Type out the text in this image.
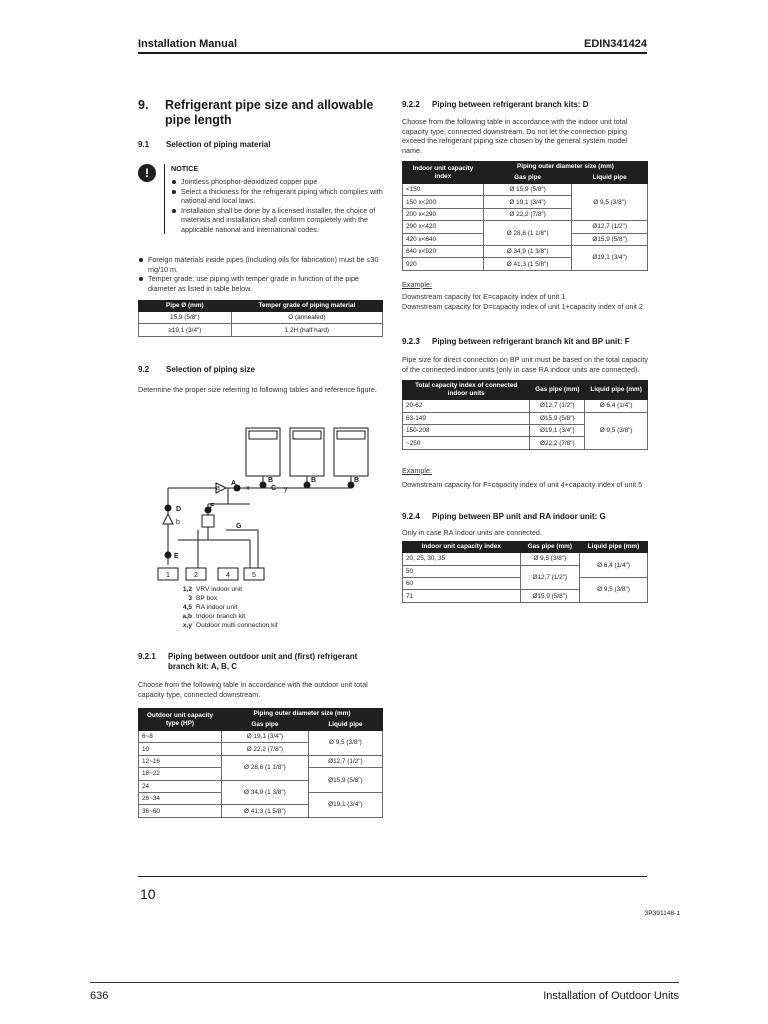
Installation Manual	EDIN341424
9.	Refrigerant pipe size and allowable pipe length
9.1	Selection of piping material
!	NOTICE
Jointless phosphor-deoxidized copper pipe
Select a thickness for the refrigerant piping which complies with national and local laws.
Installation shall be done by a licensed installer, the choice of materials and installation shall conform completely with the applicable national and international codes.
Foreign materials inside pipes (including oils for fabrication) must be ≤30 mg/10 m.
Temper grade: use piping with temper grade in function of the pipe diameter as listed in table below.
Pipe Ø (mm)	Temper grade of piping material
15,9 (5/8")	O (annealed)
≥19,1 (3/4")	1 2H (half hard)
9.2	Selection of piping size

Determine the proper size referring to following tables and reference figure.

A
a	x
B	B	B
C y
D	F
b
G
E
1	2	4	5
1,2 VRV indoor unit
3 BP box
4,5 RA indoor unit
a,b Indoor branch kit
x,y Outdoor multi connection kit
9.2.1	Piping between outdoor unit and (first) refrigerant branch kit: A, B, C

Choose from the following table in accordance with the outdoor unit total capacity type, connected downstream.

Outdoor unit capacity type (HP)	Piping outer diameter size (mm)	
	Gas pipe	Liquid pipe
6~8	Ø 19,1 (3/4")	Ø 9,5 (3/8")
10	Ø 22,2 (7/8")	
12~16	Ø 28,6 (1 1/8")	Ø12,7 (1/2")
18~22		Ø15,9 (5/8")
24	Ø 34,9 (1 3/8")	
26~34		Ø19,1 (3/4")
36~60	Ø 41,3 (1 5/8")	
9.2.2	Piping between refrigerant branch kits: D

Choose from the following table in accordance with the indoor unit total capacity type, connected downstream. Do not let the connection piping exceed the refrigerant piping size chosen by the general system model name.

Indoor unit capacity index	Piping outer diameter size (mm)	
	Gas pipe	Liquid pipe
<150	Ø 15,9 (5/8")	Ø 9,5 (3/8")
150 x<200	Ø 19,1 (3/4")	
200 x<290	Ø 22,2 (7/8")	
290 x<420	Ø 28,6 (1 1/8")	Ø12,7 (1/2")
420 x<640		Ø15,9 (5/8")
640 x<920	Ø 34,9 (1 3/8")	Ø19,1 (3/4")
920	Ø 41,3 (1 5/8")	

Example:

Downstream capacity for E=capacity index of unit 1

Downstream capacity for D=capacity index of unit 1+capacity index of unit 2

9.2.3	Piping between refrigerant branch kit and BP unit: F

Pipe size for direct connection on BP unit must be based on the total capacity of the connected indoor units (only in case RA indoor units are connected).

Total capacity index of connected indoor units	Gas pipe (mm)	Liquid pipe (mm)
20-62	Ø12,7 (1/2")	Ø 6,4 (1/4")
63-149	Ø15,9 (5/8")	Ø 9,5 (3/8")
150-208	Ø19,1 (3/4")	
~250	Ø22,2 (7/8")	

Example:

Downstream capacity for F=capacity index of unit 4+capacity index of unit 5

9.2.4	Piping between BP unit and RA indoor unit: G

Only in case RA indoor units are connected.

Indoor unit capacity index	Gas pipe (mm)	Liquid pipe (mm)
20, 25, 30, 35	Ø 9,5 (3/8")	Ø 6,4 (1/4")
50	Ø12,7 (1/2")	
60		Ø 9,5 (3/8")
71	Ø15,9 (5/8")	
10
3P391148-1
636	Installation of Outdoor Units
